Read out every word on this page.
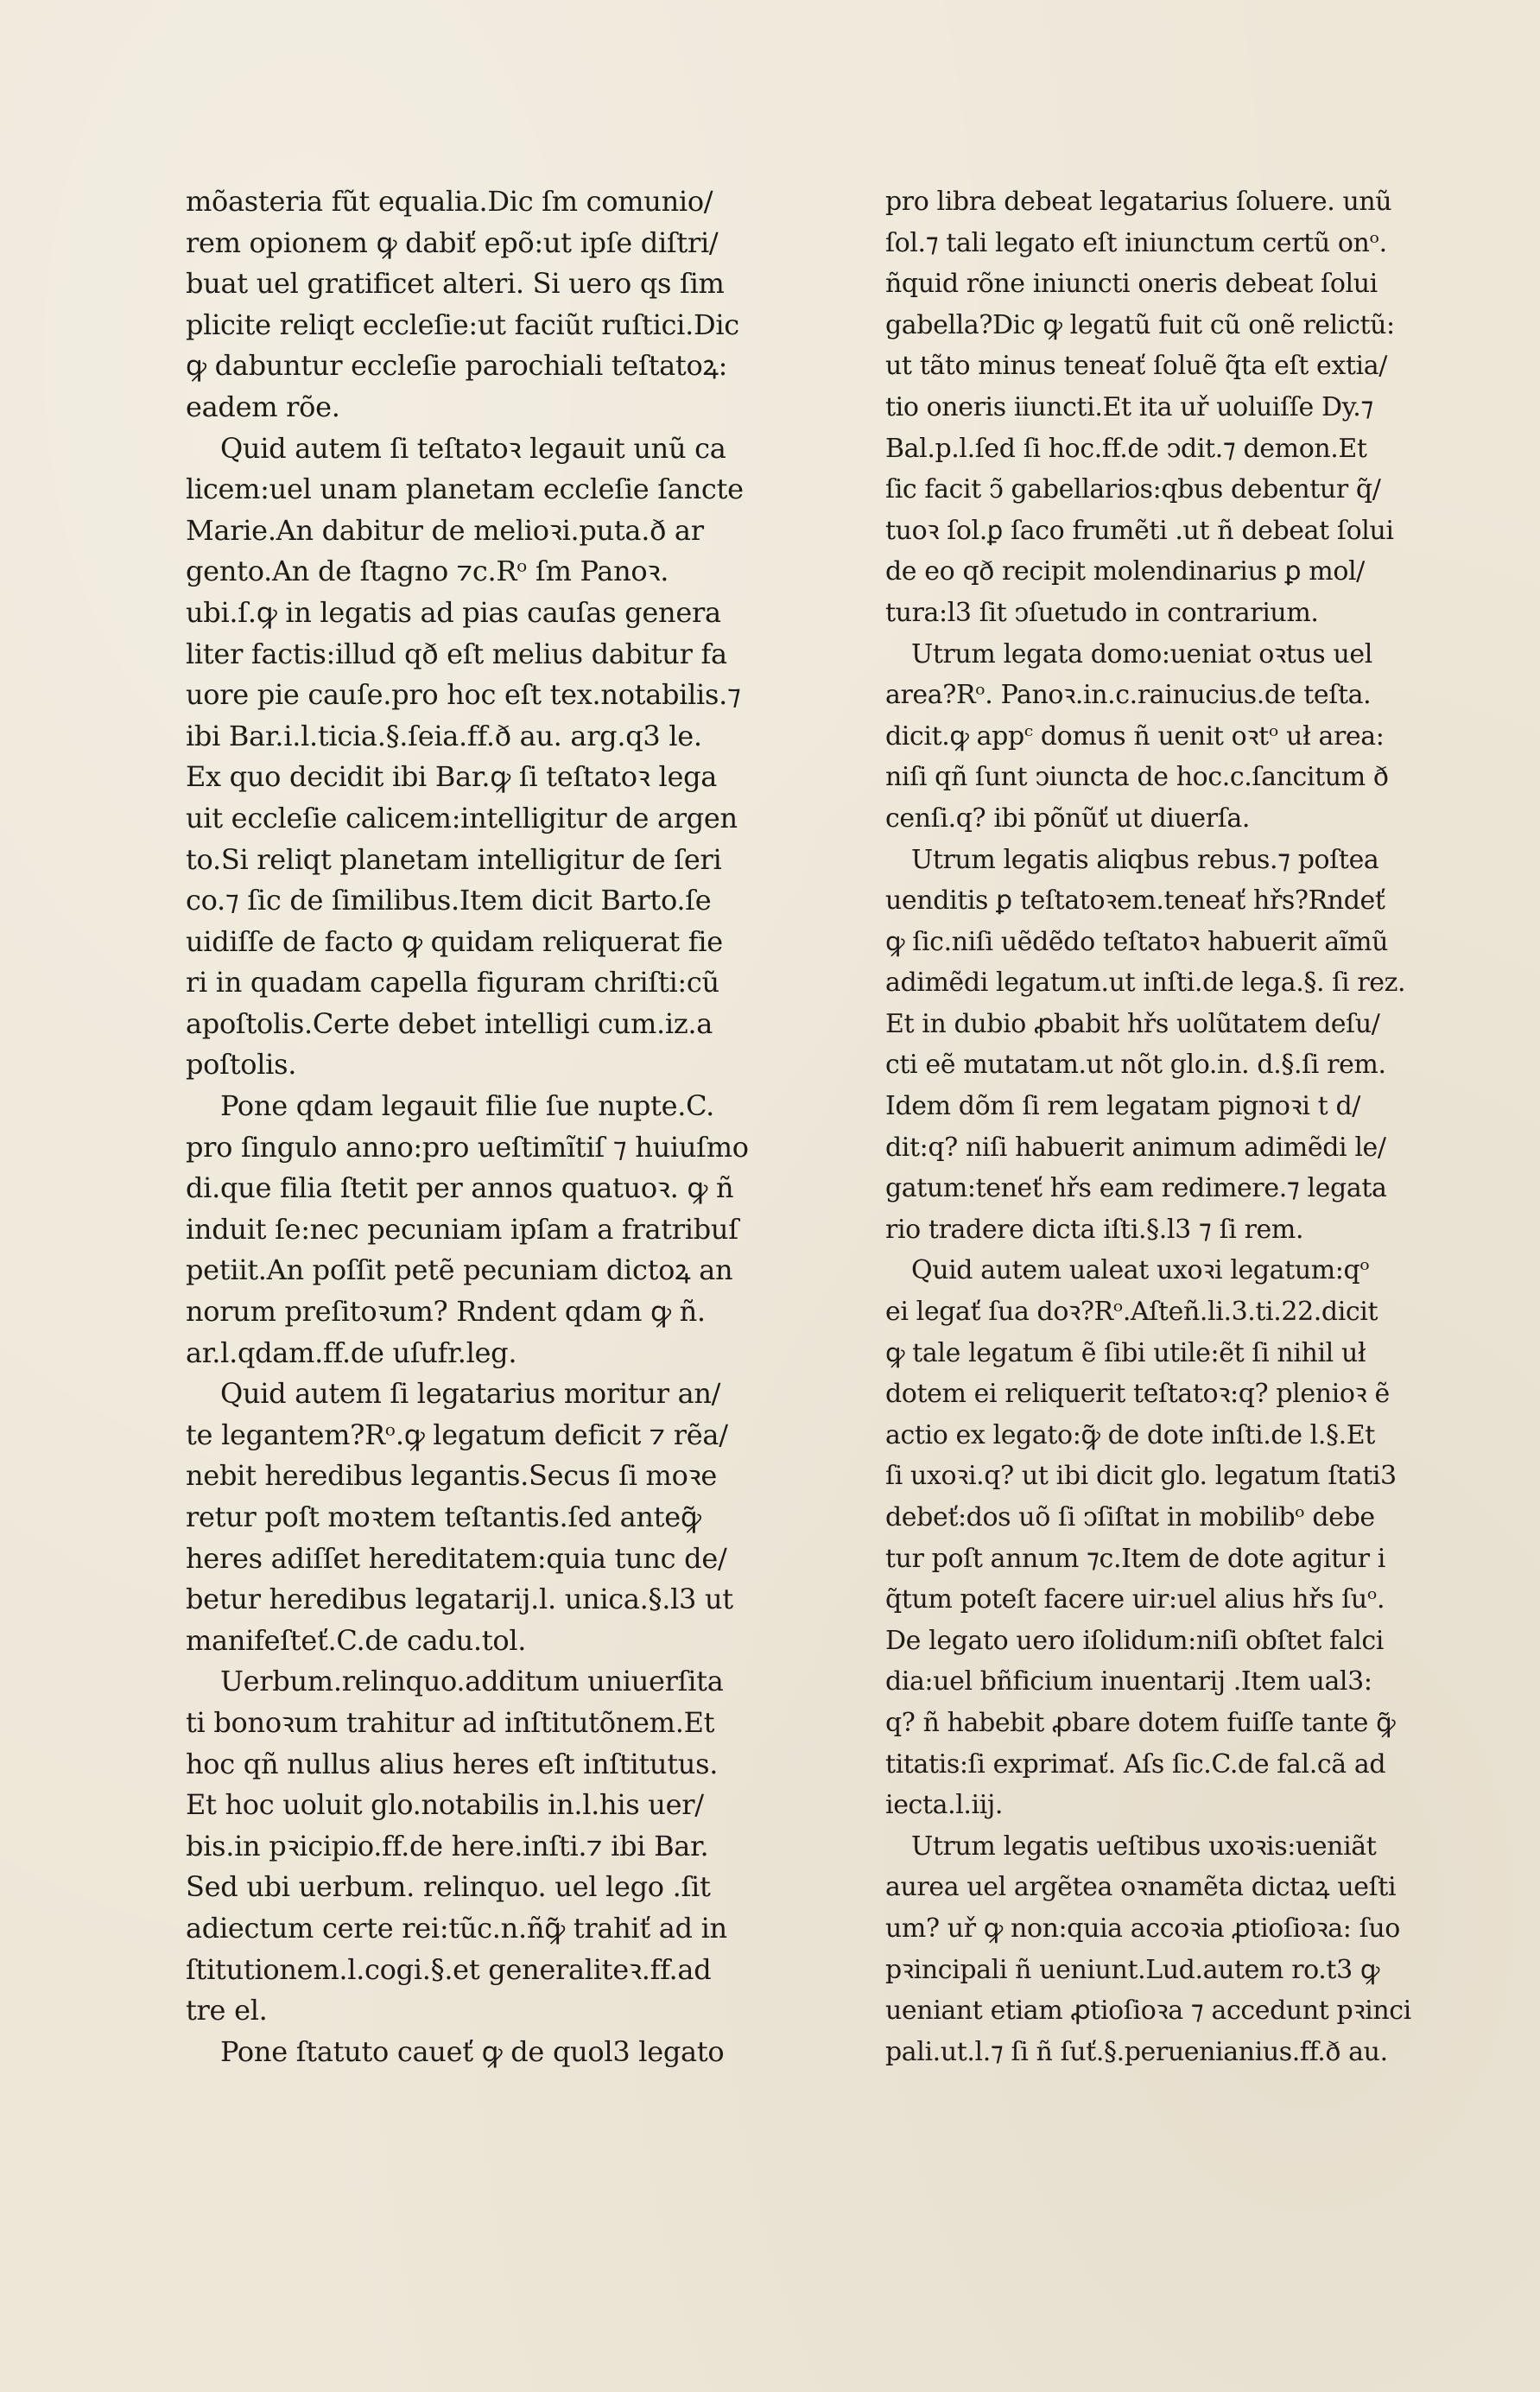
mõasteria fũt equalia.Dic ſm comunio/
rem opionem ꝙ dabiť epõ:ut ipſe diſtri/
buat uel gratificet alteri. Si uero qs ſim
plicite reliqt eccleſie:ut faciũt ruſtici.Dic
ꝙ dabuntur eccleſie parochiali teſtatoꝝ:
eadem rõe.
Quid autem ſi teſtatoꝛ legauit unũ ca
licem:uel unam planetam eccleſie ſancte
Marie.An dabitur de melioꝛi.puta.ð ar
gento.An de ſtagno ⁊c.Rᵒ ſm Panoꝛ.
ubi.ſ.ꝙ in legatis ad pias cauſas genera
liter factis:illud qð eſt melius dabitur fa
uore pie cauſe.pro hoc eſt tex.notabilis.⁊
ibi Bar.i.l.ticia.§.ſeia.ff.ð au. arg.q3 le.
Ex quo decidit ibi Bar.ꝙ ſi teſtatoꝛ lega
uit eccleſie calicem:intelligitur de argen
to.Si reliqt planetam intelligitur de ſeri
co.⁊ ſic de ſimilibus.Item dicit Barto.ſe
uidiſſe de facto ꝙ quidam reliquerat fie
ri in quadam capella figuram chriſti:cũ
apoſtolis.Certe debet intelligi cum.iz.a
poſtolis.
Pone qdam legauit filie ſue nupte.C.
pro ſingulo anno:pro ueſtimĩtiſ ⁊ huiuſmo
di.que filia ſtetit per annos quatuoꝛ. ꝙ ñ
induit ſe:nec pecuniam ipſam a fratribuſ
petiit.An poſſit petẽ pecuniam dictoꝝ an
norum preſitoꝛum? Rndent qdam ꝙ ñ.
ar.l.qdam.ff.de uſufr.leg.
Quid autem ſi legatarius moritur an/
te legantem?Rᵒ.ꝙ legatum deficit ⁊ rẽa/
nebit heredibus legantis.Secus ſi moꝛe
retur poſt moꝛtem teſtantis.ſed anteꝙ̃
heres adiſſet hereditatem:quia tunc de/
betur heredibus legatarij.l. unica.§.l3 ut
manifeſteť.C.de cadu.tol.
Uerbum.relinquo.additum uniuerſita
ti bonoꝛum trahitur ad inſtitutõnem.Et
hoc qñ nullus alius heres eſt inſtitutus.
Et hoc uoluit glo.notabilis in.l.his uer/
bis.in pꝛicipio.ff.de here.inſti.⁊ ibi Bar.
Sed ubi uerbum. relinquo. uel lego .ſit
adiectum certe rei:tũc.n.ñꝙ̃ trahiť ad in
ſtitutionem.l.cogi.§.et generaliteꝛ.ff.ad
tre el.
Pone ſtatuto caueť ꝙ de quol3 legato
pro libra debeat legatarius ſoluere. unũ
ſol.⁊ tali legato eſt iniunctum certũ onᵒ.
ñquid rõne iniuncti oneris debeat ſolui
gabella?Dic ꝙ legatũ fuit cũ onẽ relictũ:
ut tãto minus teneať ſoluẽ q̃ta eſt extia/
tio oneris iiuncti.Et ita uř uoluiſſe Dy.⁊
Bal.p.l.ſed ſi hoc.ff.de ↄdit.⁊ demon.Et
ſic facit ↄ̃ gabellarios:qbus debentur q̃/
tuoꝛ ſol.ꝑ ſaco frumẽti .ut ñ debeat ſolui
de eo qð recipit molendinarius ꝑ mol/
tura:l3 ſit ↄſuetudo in contrarium.
Utrum legata domo:ueniat oꝛtus uel
area?Rᵒ. Panoꝛ.in.c.rainucius.de teſta.
dicit.ꝙ appᶜ domus ñ uenit oꝛtᵒ uł area:
niſi qñ ſunt ↄiuncta de hoc.c.ſancitum ð
cenſi.q? ibi põnũť ut diuerſa.
Utrum legatis aliqbus rebus.⁊ poſtea
uenditis ꝑ teſtatoꝛem.teneať hřs?Rndeť
ꝙ ſic.niſi uẽdẽdo teſtatoꝛ habuerit aĩmũ
adimẽdi legatum.ut inſti.de lega.§. ſi rez.
Et in dubio ꝓbabit hřs uolũtatem deſu/
cti eẽ mutatam.ut nõt glo.in. d.§.ſi rem.
Idem dõm ſi rem legatam pignoꝛi t d/
dit:q? niſi habuerit animum adimẽdi le/
gatum:teneť hřs eam redimere.⁊ legata
rio tradere dicta iſti.§.l3 ⁊ ſi rem.
Quid autem ualeat uxoꝛi legatum:qᵒ
ei legať ſua doꝛ?Rᵒ.Aſteñ.li.3.ti.22.dicit
ꝙ tale legatum ẽ ſibi utile:ẽt ſi nihil uł
dotem ei reliquerit teſtatoꝛ:q? plenioꝛ ẽ
actio ex legato:ꝙ̃ de dote inſti.de l.§.Et
ſi uxoꝛi.q? ut ibi dicit glo. legatum ſtati3
debeť:dos uõ ſi ↄſiſtat in mobilibᵒ debe
tur poſt annum ⁊c.Item de dote agitur i
q̃tum poteſt facere uir:uel alius hřs ſuᵒ.
De legato uero iſolidum:niſi obſtet falci
dia:uel bñficium inuentarij .Item ual3:
q? ñ habebit ꝓbare dotem fuiſſe tante ꝙ̃
titatis:ſi exprimať. Aſs ſic.C.de fal.cã ad
iecta.l.iij.
Utrum legatis ueſtibus uxoꝛis:ueniãt
aurea uel argẽtea oꝛnamẽta dictaꝝ ueſti
um? uř ꝙ non:quia accoꝛia ꝓtioſioꝛa: ſuo
pꝛincipali ñ ueniunt.Lud.autem ro.t3 ꝙ
ueniant etiam ꝓtioſioꝛa ⁊ accedunt pꝛinci
pali.ut.l.⁊ ſi ñ ſuť.§.peruenianius.ff.ð au.
